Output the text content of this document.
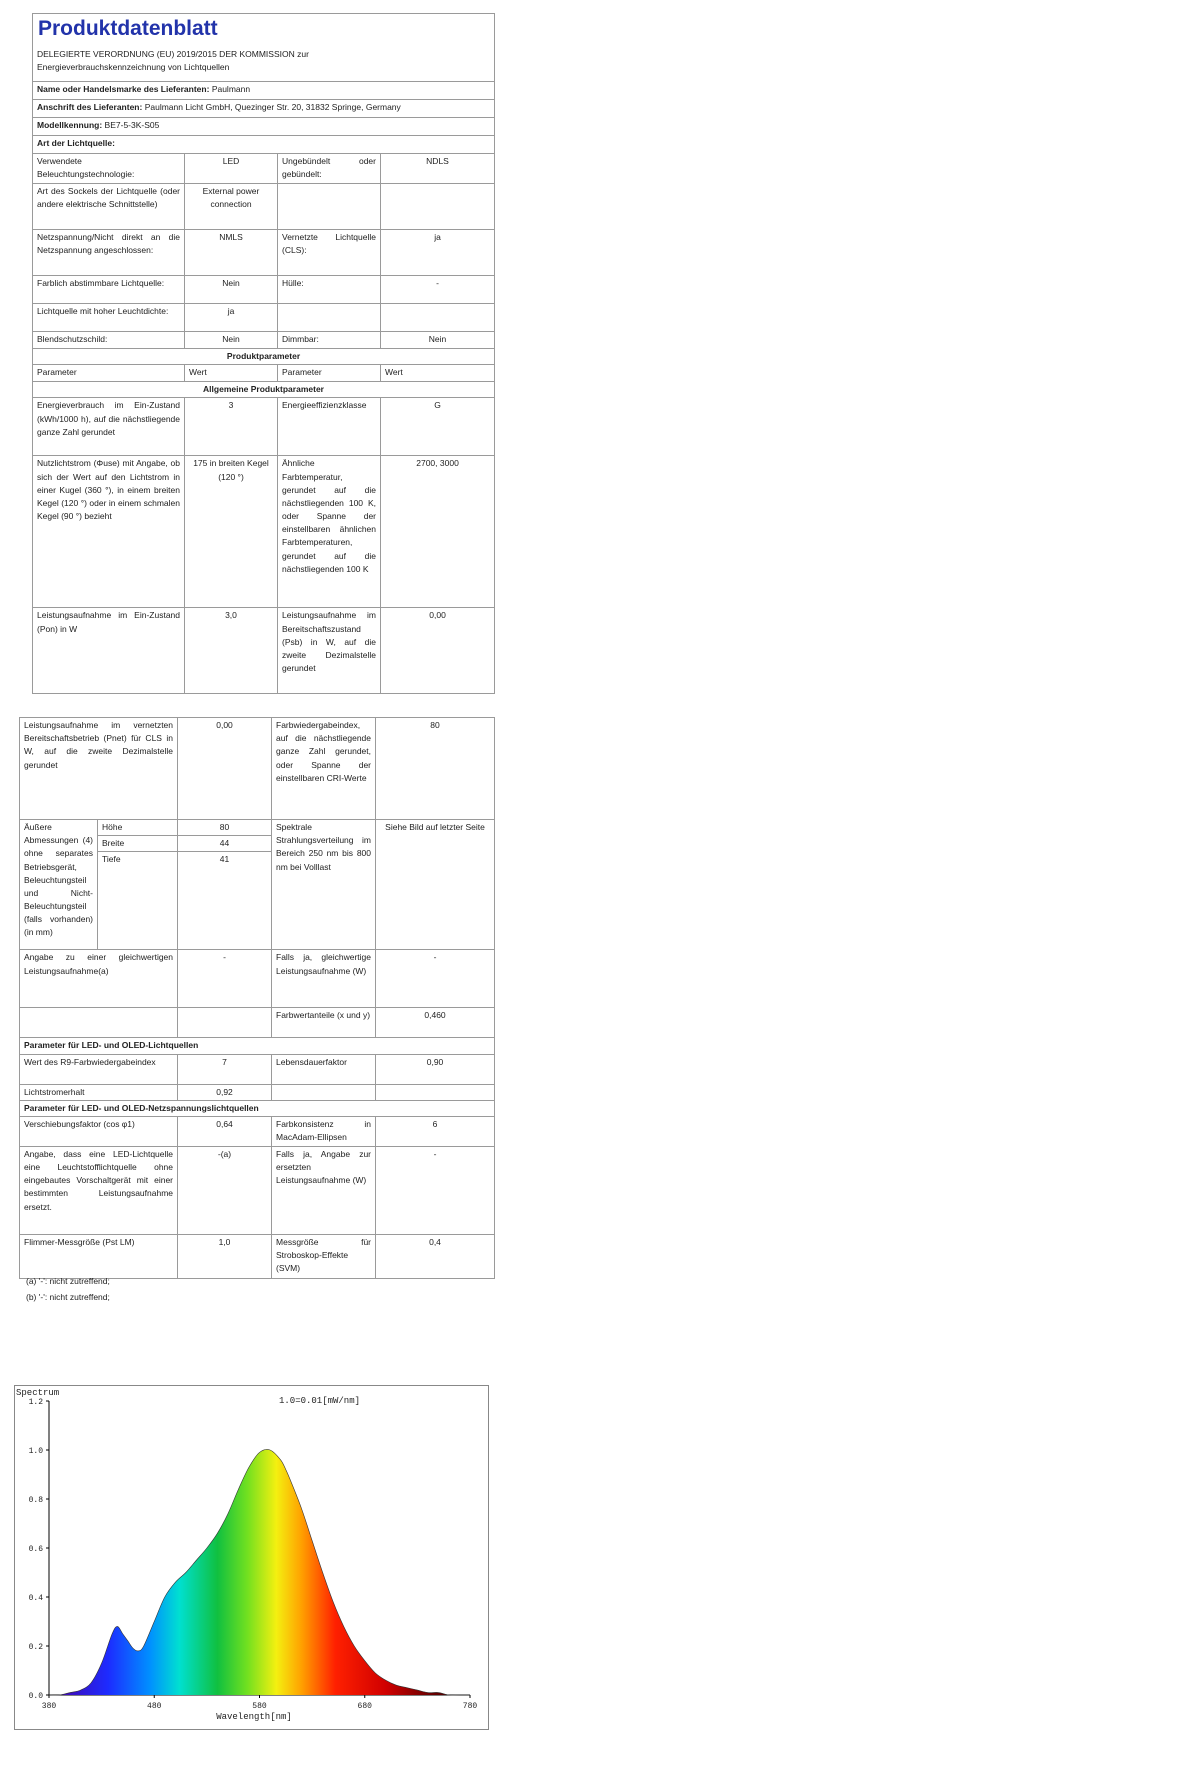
Produktdatenblatt
DELEGIERTE VERORDNUNG (EU) 2019/2015 DER KOMMISSION zur
Energieverbrauchskennzeichnung von Lichtquellen			

Name oder Handelsmarke des Lieferanten: Paulmann			
Anschrift des Lieferanten: Paulmann Licht GmbH, Quezinger Str. 20, 31832 Springe, Germany			
Modellkennung: BE7-5-3K-S05			
Art der Lichtquelle:			
Verwendete Beleuchtungstechnologie:	LED	Ungebündelt oder gebündelt:	NDLS
Art des Sockels der Lichtquelle (oder andere elektrische Schnittstelle)	External power connection		
Netzspannung/Nicht direkt an die Netzspannung angeschlossen:	NMLS	Vernetzte Lichtquelle (CLS):	ja
Farblich abstimmbare Lichtquelle:	Nein	Hülle:	-
Lichtquelle mit hoher Leuchtdichte:	ja		
Blendschutzschild:	Nein	Dimmbar:	Nein
Produktparameter			
Parameter	Wert	Parameter	Wert
Allgemeine Produktparameter			
Energieverbrauch im Ein-Zustand (kWh/1000 h), auf die nächstliegende ganze Zahl gerundet	3	Energieeffizienzklasse	G
Nutzlichtstrom (Φuse) mit Angabe, ob sich der Wert auf den Lichtstrom in einer Kugel (360 °), in einem breiten Kegel (120 °) oder in einem schmalen Kegel (90 °) bezieht	175 in breiten Kegel (120 °)	Ähnliche Farbtemperatur, gerundet auf die nächstliegenden 100 K, oder Spanne der einstellbaren ähnlichen Farbtemperaturen, gerundet auf die nächstliegenden 100 K	2700, 3000
Leistungsaufnahme im Ein-Zustand (Pon) in W	3,0	Leistungsaufnahme im Bereitschaftszustand (Psb) in W, auf die zweite Dezimalstelle gerundet	0,00
Leistungsaufnahme im vernetzten Bereitschaftsbetrieb (Pnet) für CLS in W, auf die zweite Dezimalstelle gerundet		0,00	Farbwiedergabeindex, auf die nächstliegende ganze Zahl gerundet, oder Spanne der einstellbaren CRI-Werte	80
Äußere Abmessungen (4) ohne separates Betriebsgerät, Beleuchtungsteil und Nicht-Beleuchtungsteil (falls vorhanden) (in mm)	Höhe	80	Spektrale Strahlungsverteilung im Bereich 250 nm bis 800 nm bei Volllast	Siehe Bild auf letzter Seite
	Breite	44		
	Tiefe	41		
Angabe zu einer gleichwertigen Leistungsaufnahme(a)		-	Falls ja, gleichwertige Leistungsaufnahme (W)	-
			Farbwertanteile (x und y)	0,460
Parameter für LED- und OLED-Lichtquellen				
Wert des R9-Farbwiedergabeindex		7	Lebensdauerfaktor	0,90
Lichtstromerhalt		0,92		
Parameter für LED- und OLED-Netzspannungslichtquellen				
Verschiebungsfaktor (cos φ1)		0,64	Farbkonsistenz in MacAdam-Ellipsen	6
Angabe, dass eine LED-Lichtquelle eine Leuchtstofflichtquelle ohne eingebautes Vorschaltgerät mit einer bestimmten Leistungsaufnahme ersetzt.		-(a)	Falls ja, Angabe zur ersetzten Leistungsaufnahme (W)	-
Flimmer-Messgröße (Pst LM)		1,0	Messgröße für Stroboskop-Effekte (SVM)	0,4
(a) '-': nicht zutreffend;
(b) '-': nicht zutreffend;
0.0
0.2
0.4
0.6
0.8
1.0
1.2
380	480	580	680	780
Spectrum
1.0=0.01[mW/nm]
Wavelength[nm]
